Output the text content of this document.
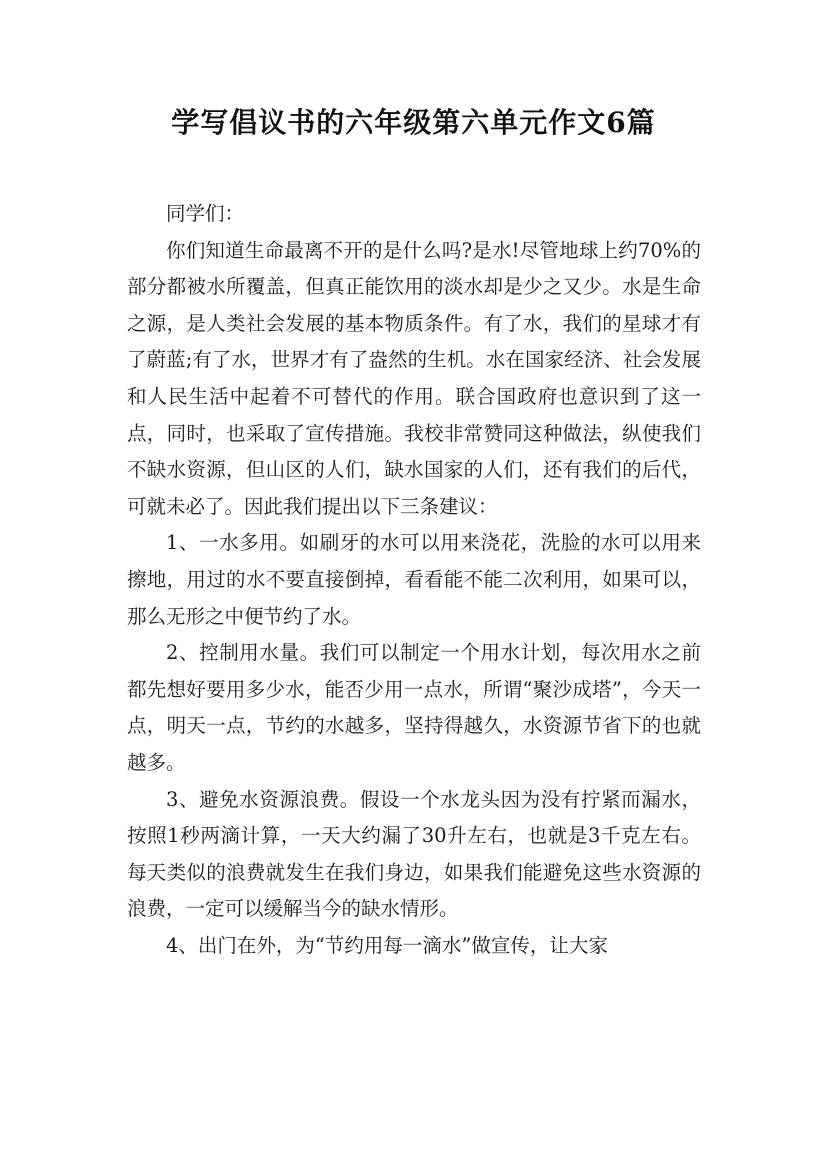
学写倡议书的六年级第六单元作文6篇

同学们：

你们知道生命最离不开的是什么吗?是水!尽管地球上约70%的部分都被水所覆盖，但真正能饮用的淡水却是少之又少。水是生命之源，是人类社会发展的基本物质条件。有了水，我们的星球才有了蔚蓝;有了水，世界才有了盎然的生机。水在国家经济、社会发展和人民生活中起着不可替代的作用。联合国政府也意识到了这一点，同时，也采取了宣传措施。我校非常赞同这种做法，纵使我们不缺水资源，但山区的人们，缺水国家的人们，还有我们的后代，可就未必了。因此我们提出以下三条建议：

1、一水多用。如刷牙的水可以用来浇花，洗脸的水可以用来擦地，用过的水不要直接倒掉，看看能不能二次利用，如果可以，那么无形之中便节约了水。

2、控制用水量。我们可以制定一个用水计划，每次用水之前都先想好要用多少水，能否少用一点水，所谓“聚沙成塔”，今天一点，明天一点，节约的水越多，坚持得越久，水资源节省下的也就越多。

3、避免水资源浪费。假设一个水龙头因为没有拧紧而漏水，按照1秒两滴计算，一天大约漏了30升左右，也就是3千克左右。每天类似的浪费就发生在我们身边，如果我们能避免这些水资源的浪费，一定可以缓解当今的缺水情形。

4、出门在外，为“节约用每一滴水”做宣传，让大家
